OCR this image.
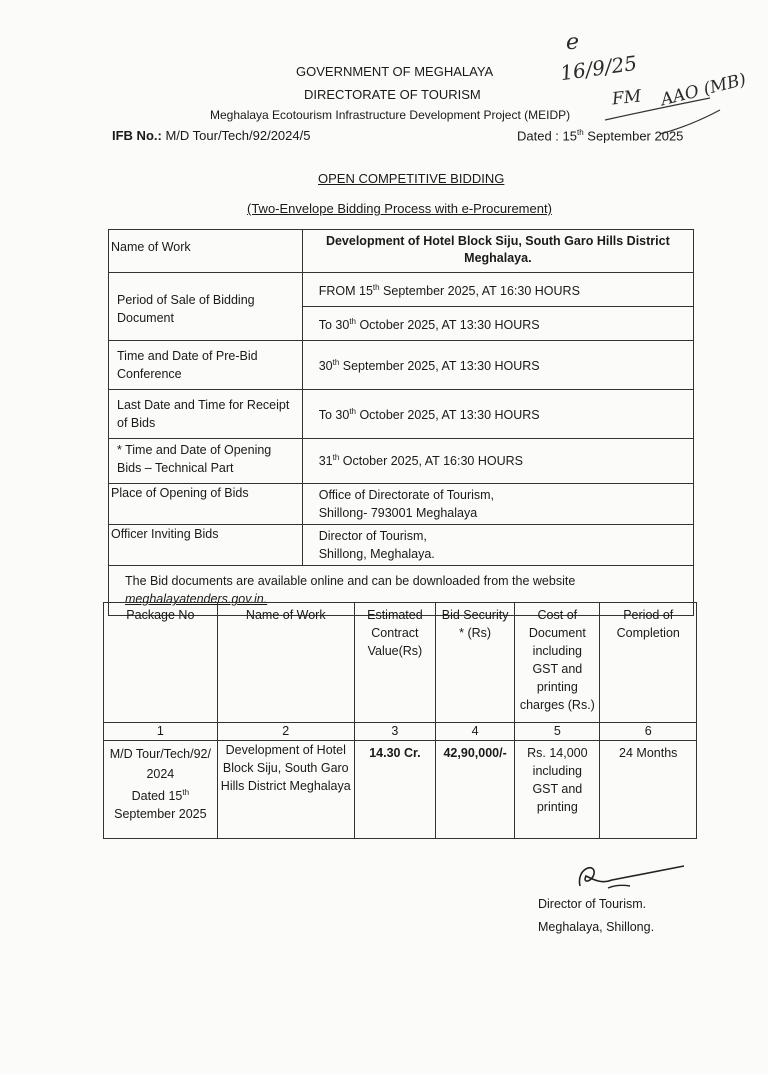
e
16/9/25
FM AAO (MB)
GOVERNMENT OF MEGHALAYA
DIRECTORATE OF TOURISM
Meghalaya Ecotourism Infrastructure Development Project (MEIDP)
IFB No.: M/D Tour/Tech/92/2024/5	Dated : 15th September 2025
OPEN COMPETITIVE BIDDING
(Two-Envelope Bidding Process with e-Procurement)
Name of Work	Development of Hotel Block Siju, South Garo Hills District Meghalaya.

Period of Sale of Bidding Document	FROM 15th September 2025, AT 16:30 HOURS

	To 30th October 2025, AT 13:30 HOURS

Time and Date of Pre-Bid Conference	30th September 2025, AT 13:30 HOURS

Last Date and Time for Receipt of Bids	To 30th October 2025, AT 13:30 HOURS

* Time and Date of Opening Bids – Technical Part	31th October 2025, AT 16:30 HOURS

Place of Opening of Bids	Office of Directorate of Tourism,
Shillong- 793001 Meghalaya

Officer Inviting Bids	Director of Tourism,
Shillong, Meghalaya.

The Bid documents are available online and can be downloaded from the website
meghalayatenders.gov.in.	
Package No	Name of Work	Estimated Contract Value(Rs)	Bid Security * (Rs)	Cost of Document including GST and printing charges (Rs.)	Period of Completion
1	2	3	4	5	6

M/D Tour/Tech/92/2024
Dated 15th September 2025	Development of Hotel Block Siju, South Garo Hills District Meghalaya	14.30 Cr.	42,90,000/-	Rs. 14,000 including GST and printing	24 Months
Director of Tourism.
Meghalaya, Shillong.
